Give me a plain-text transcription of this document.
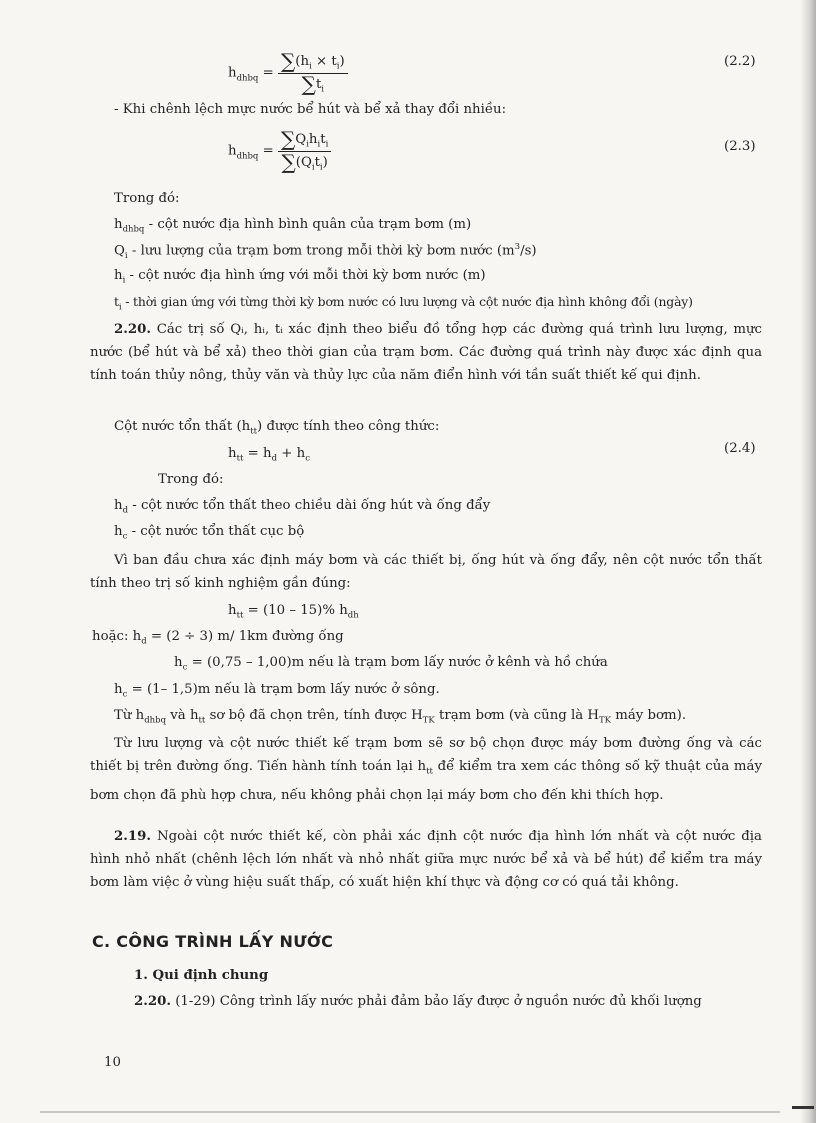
$h_{dhbq} = \frac{\sum(h_i \times t_i)}{\sum t_i}$	(2.2)
- Khi chênh lệch mực nước bể hút và bể xả thay đổi nhiều:
$h_{dhbq} = \frac{\sum Q_ih_it_i}{\sum(Q_it_i)}$	(2.3)
Trong đó:
$h_{dhbq}$ - cột nước địa hình bình quân của trạm bơm (m)
$Q_i$ - lưu lượng của trạm bơm trong mỗi thời kỳ bơm nước $(m^3/s)$
$h_i$ - cột nước địa hình ứng với mỗi thời kỳ bơm nước (m)
$t_i$ - thời gian ứng với từng thời kỳ bơm nước có lưu lượng và cột nước địa hình không đổi (ngày)
2.20. Các trị số Qᵢ, hᵢ, tᵢ xác định theo biểu đồ tổng hợp các đường quá trình lưu lượng, mực nước (bể hút và bể xả) theo thời gian của trạm bơm. Các đường quá trình này được xác định qua tính toán thủy nông, thủy văn và thủy lực của năm điển hình với tần suất thiết kế qui định.
Cột nước tổn thất $(h_{tt})$ được tính theo công thức:
$h_{tt} = h_d + h_c$
(2.4)
Trong đó:
$h_d$ - cột nước tổn thất theo chiều dài ống hút và ống đẩy
$h_c$ - cột nước tổn thất cục bộ
Vì ban đầu chưa xác định máy bơm và các thiết bị, ống hút và ống đẩy, nên cột nước tổn thất tính theo trị số kinh nghiệm gần đúng:
$h_{tt} = (10 - 15)\%$ $h_{dh}$
hoặc: $h_d = (2 \div 3)$ m/ 1km đường ống
$h_c = (0,75 - 1,00)m$ nếu là trạm bơm lấy nước ở kênh và hồ chứa
$h_c = (1-$ 1,5)m nếu là trạm bơm lấy nước ở sông.
Từ $h_{dhbq}$ và $h_{tt}$ sơ bộ đã chọn trên, tính được $H_{TK}$ trạm bơm (và cũng là $H_{TK}$ máy bơm).
Từ lưu lượng và cột nước thiết kế trạm bơm sẽ sơ bộ chọn được máy bơm đường ống và các thiết bị trên đường ống. Tiến hành tính toán lại $h_{tt}$ để kiểm tra xem các thông số kỹ thuật của máy bơm chọn đã phù hợp chưa, nếu không phải chọn lại máy bơm cho đến khi thích hợp.
2.19. Ngoài cột nước thiết kế, còn phải xác định cột nước địa hình lớn nhất và cột nước địa hình nhỏ nhất (chênh lệch lớn nhất và nhỏ nhất giữa mực nước bể xả và bể hút) để kiểm tra máy bơm làm việc ở vùng hiệu suất thấp, có xuất hiện khí thực và động cơ có quá tải không.
C. CÔNG TRÌNH LẤY NƯỚC
1. Qui định chung
2.20. (1-29) Công trình lấy nước phải đảm bảo lấy được ở nguồn nước đủ khối lượng
10
